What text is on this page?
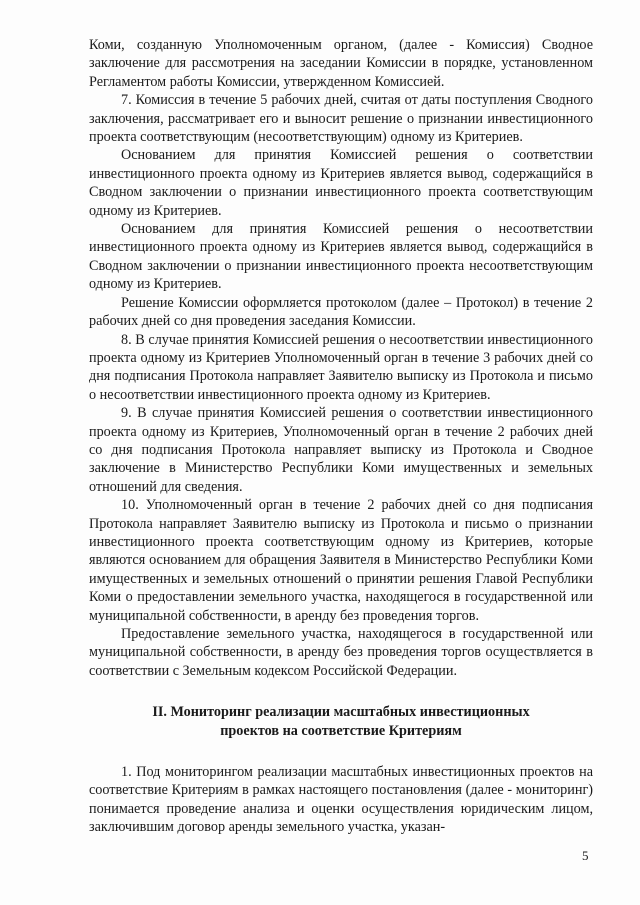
Коми, созданную Уполномоченным органом, (далее - Комиссия) Сводное заключение для рассмотрения на заседании Комиссии в порядке, установленном Регламентом работы Комиссии, утвержденном Комиссией.

7. Комиссия в течение 5 рабочих дней, считая от даты поступления Сводного заключения, рассматривает его и выносит решение о признании инвестиционного проекта соответствующим (несоответствующим) одному из Критериев.

Основанием для принятия Комиссией решения о соответствии инвестиционного проекта одному из Критериев является вывод, содержащийся в Сводном заключении о признании инвестиционного проекта соответствующим одному из Критериев.

Основанием для принятия Комиссией решения о несоответствии инвестиционного проекта одному из Критериев является вывод, содержащийся в Сводном заключении о признании инвестиционного проекта несоответствующим одному из Критериев.

Решение Комиссии оформляется протоколом (далее – Протокол) в течение 2 рабочих дней со дня проведения заседания Комиссии.

8. В случае принятия Комиссией решения о несоответствии инвестиционного проекта одному из Критериев Уполномоченный орган в течение 3 рабочих дней со дня подписания Протокола направляет Заявителю выписку из Протокола и письмо о несоответствии инвестиционного проекта одному из Критериев.

9. В случае принятия Комиссией решения о соответствии инвестиционного проекта одному из Критериев, Уполномоченный орган в течение 2 рабочих дней со дня подписания Протокола направляет выписку из Протокола и Сводное заключение в Министерство Республики Коми имущественных и земельных отношений для сведения.

10. Уполномоченный орган в течение 2 рабочих дней со дня подписания Протокола направляет Заявителю выписку из Протокола и письмо о признании инвестиционного проекта соответствующим одному из Критериев, которые являются основанием для обращения Заявителя в Министерство Республики Коми имущественных и земельных отношений о принятии решения Главой Республики Коми о предоставлении земельного участка, находящегося в государственной или муниципальной собственности, в аренду без проведения торгов.

Предоставление земельного участка, находящегося в государственной или муниципальной собственности, в аренду без проведения торгов осуществляется в соответствии с Земельным кодексом Российской Федерации.

II. Мониторинг реализации масштабных инвестиционных
проектов на соответствие Критериям

1. Под мониторингом реализации масштабных инвестиционных проектов на соответствие Критериям в рамках настоящего постановления (далее - мониторинг) понимается проведение анализа и оценки осуществления юридическим лицом, заключившим договор аренды земельного участка, указан-

5
